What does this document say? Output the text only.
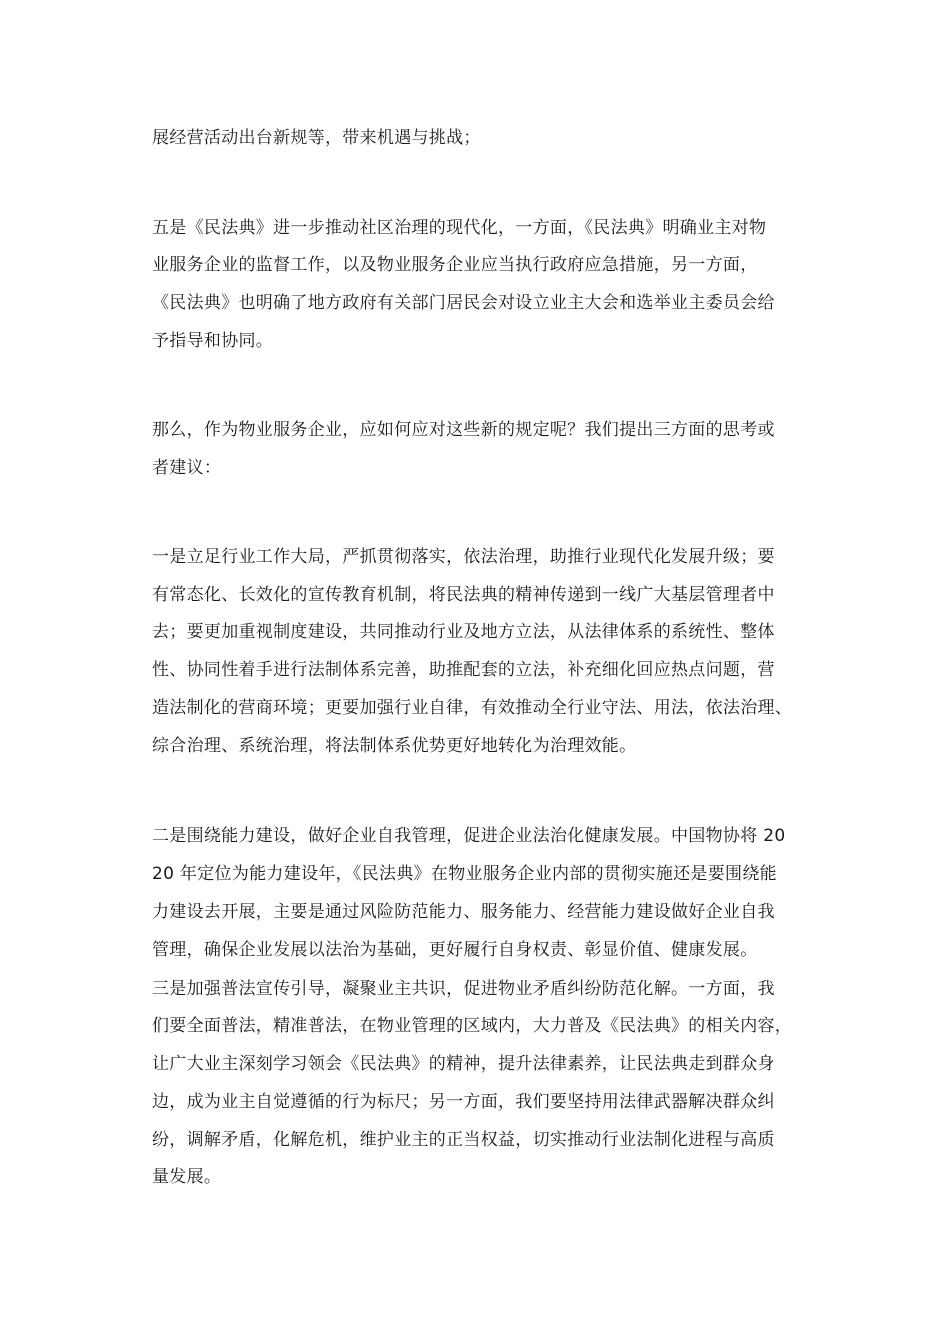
展经营活动出台新规等，带来机遇与挑战；
五是《民法典》进一步推动社区治理的现代化，一方面，《民法典》明确业主对物
业服务企业的监督工作，以及物业服务企业应当执行政府应急措施，另一方面，
《民法典》也明确了地方政府有关部门居民会对设立业主大会和选举业主委员会给
予指导和协同。
那么，作为物业服务企业，应如何应对这些新的规定呢？我们提出三方面的思考或
者建议：
一是立足行业工作大局，严抓贯彻落实，依法治理，助推行业现代化发展升级；要
有常态化、长效化的宣传教育机制，将民法典的精神传递到一线广大基层管理者中
去；要更加重视制度建设，共同推动行业及地方立法，从法律体系的系统性、整体
性、协同性着手进行法制体系完善，助推配套的立法，补充细化回应热点问题，营
造法制化的营商环境；更要加强行业自律，有效推动全行业守法、用法，依法治理、
综合治理、系统治理，将法制体系优势更好地转化为治理效能。
二是围绕能力建设，做好企业自我管理，促进企业法治化健康发展。中国物协将 20
20 年定位为能力建设年，《民法典》在物业服务企业内部的贯彻实施还是要围绕能
力建设去开展，主要是通过风险防范能力、服务能力、经营能力建设做好企业自我
管理，确保企业发展以法治为基础，更好履行自身权责、彰显价值、健康发展。
三是加强普法宣传引导，凝聚业主共识，促进物业矛盾纠纷防范化解。一方面，我
们要全面普法，精准普法，在物业管理的区域内，大力普及《民法典》的相关内容，
让广大业主深刻学习领会《民法典》的精神，提升法律素养，让民法典走到群众身
边，成为业主自觉遵循的行为标尺；另一方面，我们要坚持用法律武器解决群众纠
纷，调解矛盾，化解危机，维护业主的正当权益，切实推动行业法制化进程与高质
量发展。
